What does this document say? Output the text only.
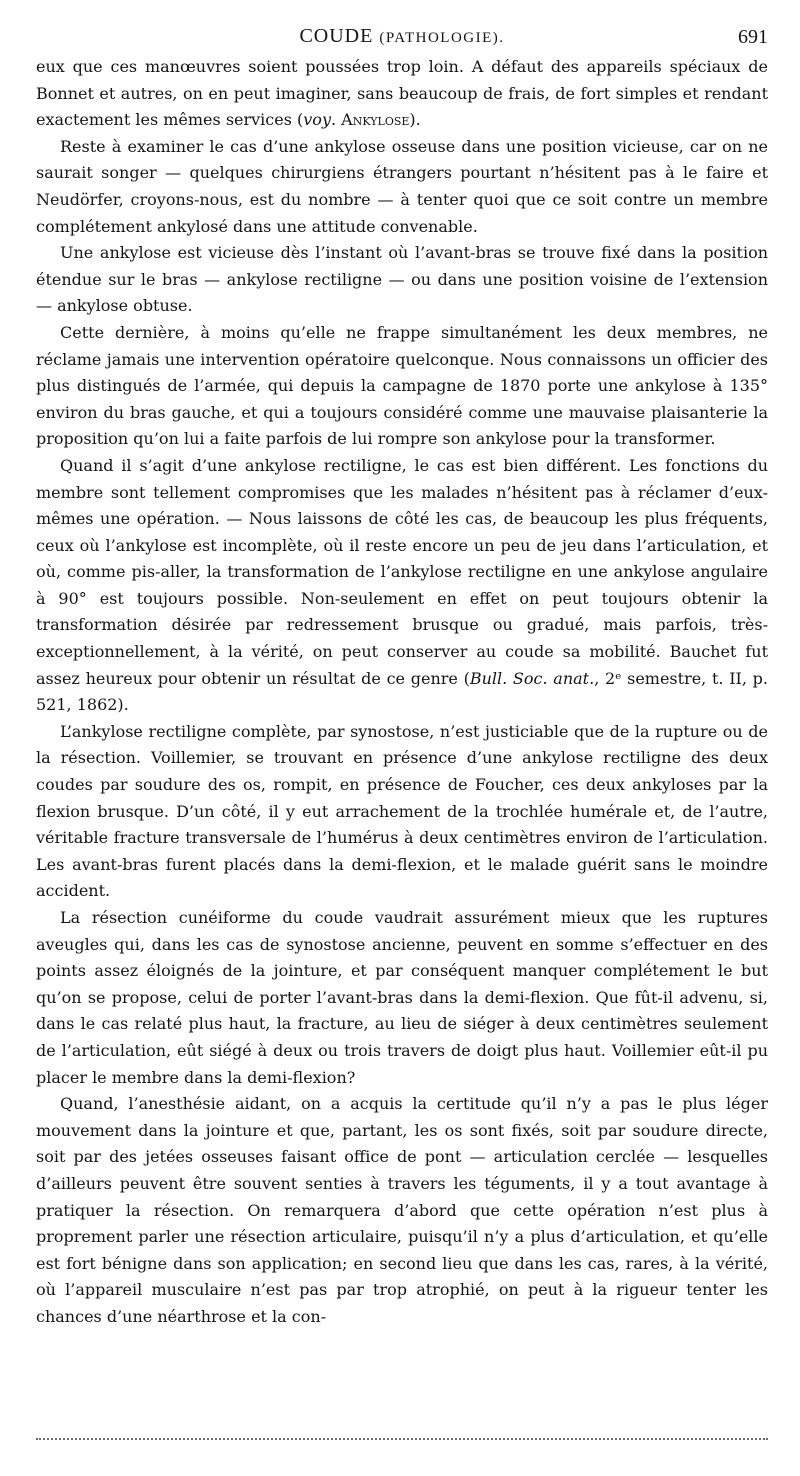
COUDE (PATHOLOGIE).	691

eux que ces manœuvres soient poussées trop loin. A défaut des appareils spéciaux de Bonnet et autres, on en peut imaginer, sans beaucoup de frais, de fort simples et rendant exactement les mêmes services (voy. Ankylose).

Reste à examiner le cas d’une ankylose osseuse dans une position vicieuse, car on ne saurait songer — quelques chirurgiens étrangers pourtant n’hésitent pas à le faire et Neudörfer, croyons-nous, est du nombre — à tenter quoi que ce soit contre un membre complétement ankylosé dans une attitude convenable.

Une ankylose est vicieuse dès l’instant où l’avant-bras se trouve fixé dans la position étendue sur le bras — ankylose rectiligne — ou dans une position voisine de l’extension — ankylose obtuse.

Cette dernière, à moins qu’elle ne frappe simultanément les deux membres, ne réclame jamais une intervention opératoire quelconque. Nous connaissons un officier des plus distingués de l’armée, qui depuis la campagne de 1870 porte une ankylose à 135° environ du bras gauche, et qui a toujours considéré comme une mauvaise plaisanterie la proposition qu’on lui a faite parfois de lui rompre son ankylose pour la transformer.

Quand il s’agit d’une ankylose rectiligne, le cas est bien différent. Les fonctions du membre sont tellement compromises que les malades n’hésitent pas à réclamer d’eux-mêmes une opération. — Nous laissons de côté les cas, de beaucoup les plus fréquents, ceux où l’ankylose est incomplète, où il reste encore un peu de jeu dans l’articulation, et où, comme pis-aller, la transformation de l’ankylose rectiligne en une ankylose angulaire à 90° est toujours possible. Non-seulement en effet on peut toujours obtenir la transformation désirée par redressement brusque ou gradué, mais parfois, très-exceptionnellement, à la vérité, on peut conserver au coude sa mobilité. Bauchet fut assez heureux pour obtenir un résultat de ce genre (Bull. Soc. anat., 2ᵉ semestre, t. II, p. 521, 1862).

L’ankylose rectiligne complète, par synostose, n’est justiciable que de la rupture ou de la résection. Voillemier, se trouvant en présence d’une ankylose rectiligne des deux coudes par soudure des os, rompit, en présence de Foucher, ces deux ankyloses par la flexion brusque. D’un côté, il y eut arrachement de la trochlée humérale et, de l’autre, véritable fracture transversale de l’humérus à deux centimètres environ de l’articulation. Les avant-bras furent placés dans la demi-flexion, et le malade guérit sans le moindre accident.

La résection cunéiforme du coude vaudrait assurément mieux que les ruptures aveugles qui, dans les cas de synostose ancienne, peuvent en somme s’effectuer en des points assez éloignés de la jointure, et par conséquent manquer complétement le but qu’on se propose, celui de porter l’avant-bras dans la demi-flexion. Que fût-il advenu, si, dans le cas relaté plus haut, la fracture, au lieu de siéger à deux centimètres seulement de l’articulation, eût siégé à deux ou trois travers de doigt plus haut. Voillemier eût-il pu placer le membre dans la demi-flexion?

Quand, l’anesthésie aidant, on a acquis la certitude qu’il n’y a pas le plus léger mouvement dans la jointure et que, partant, les os sont fixés, soit par soudure directe, soit par des jetées osseuses faisant office de pont — articulation cerclée — lesquelles d’ailleurs peuvent être souvent senties à travers les téguments, il y a tout avantage à pratiquer la résection. On remarquera d’abord que cette opération n’est plus à proprement parler une résection articulaire, puisqu’il n’y a plus d’articulation, et qu’elle est fort bénigne dans son application; en second lieu que dans les cas, rares, à la vérité, où l’appareil musculaire n’est pas par trop atrophié, on peut à la rigueur tenter les chances d’une néarthrose et la con-
